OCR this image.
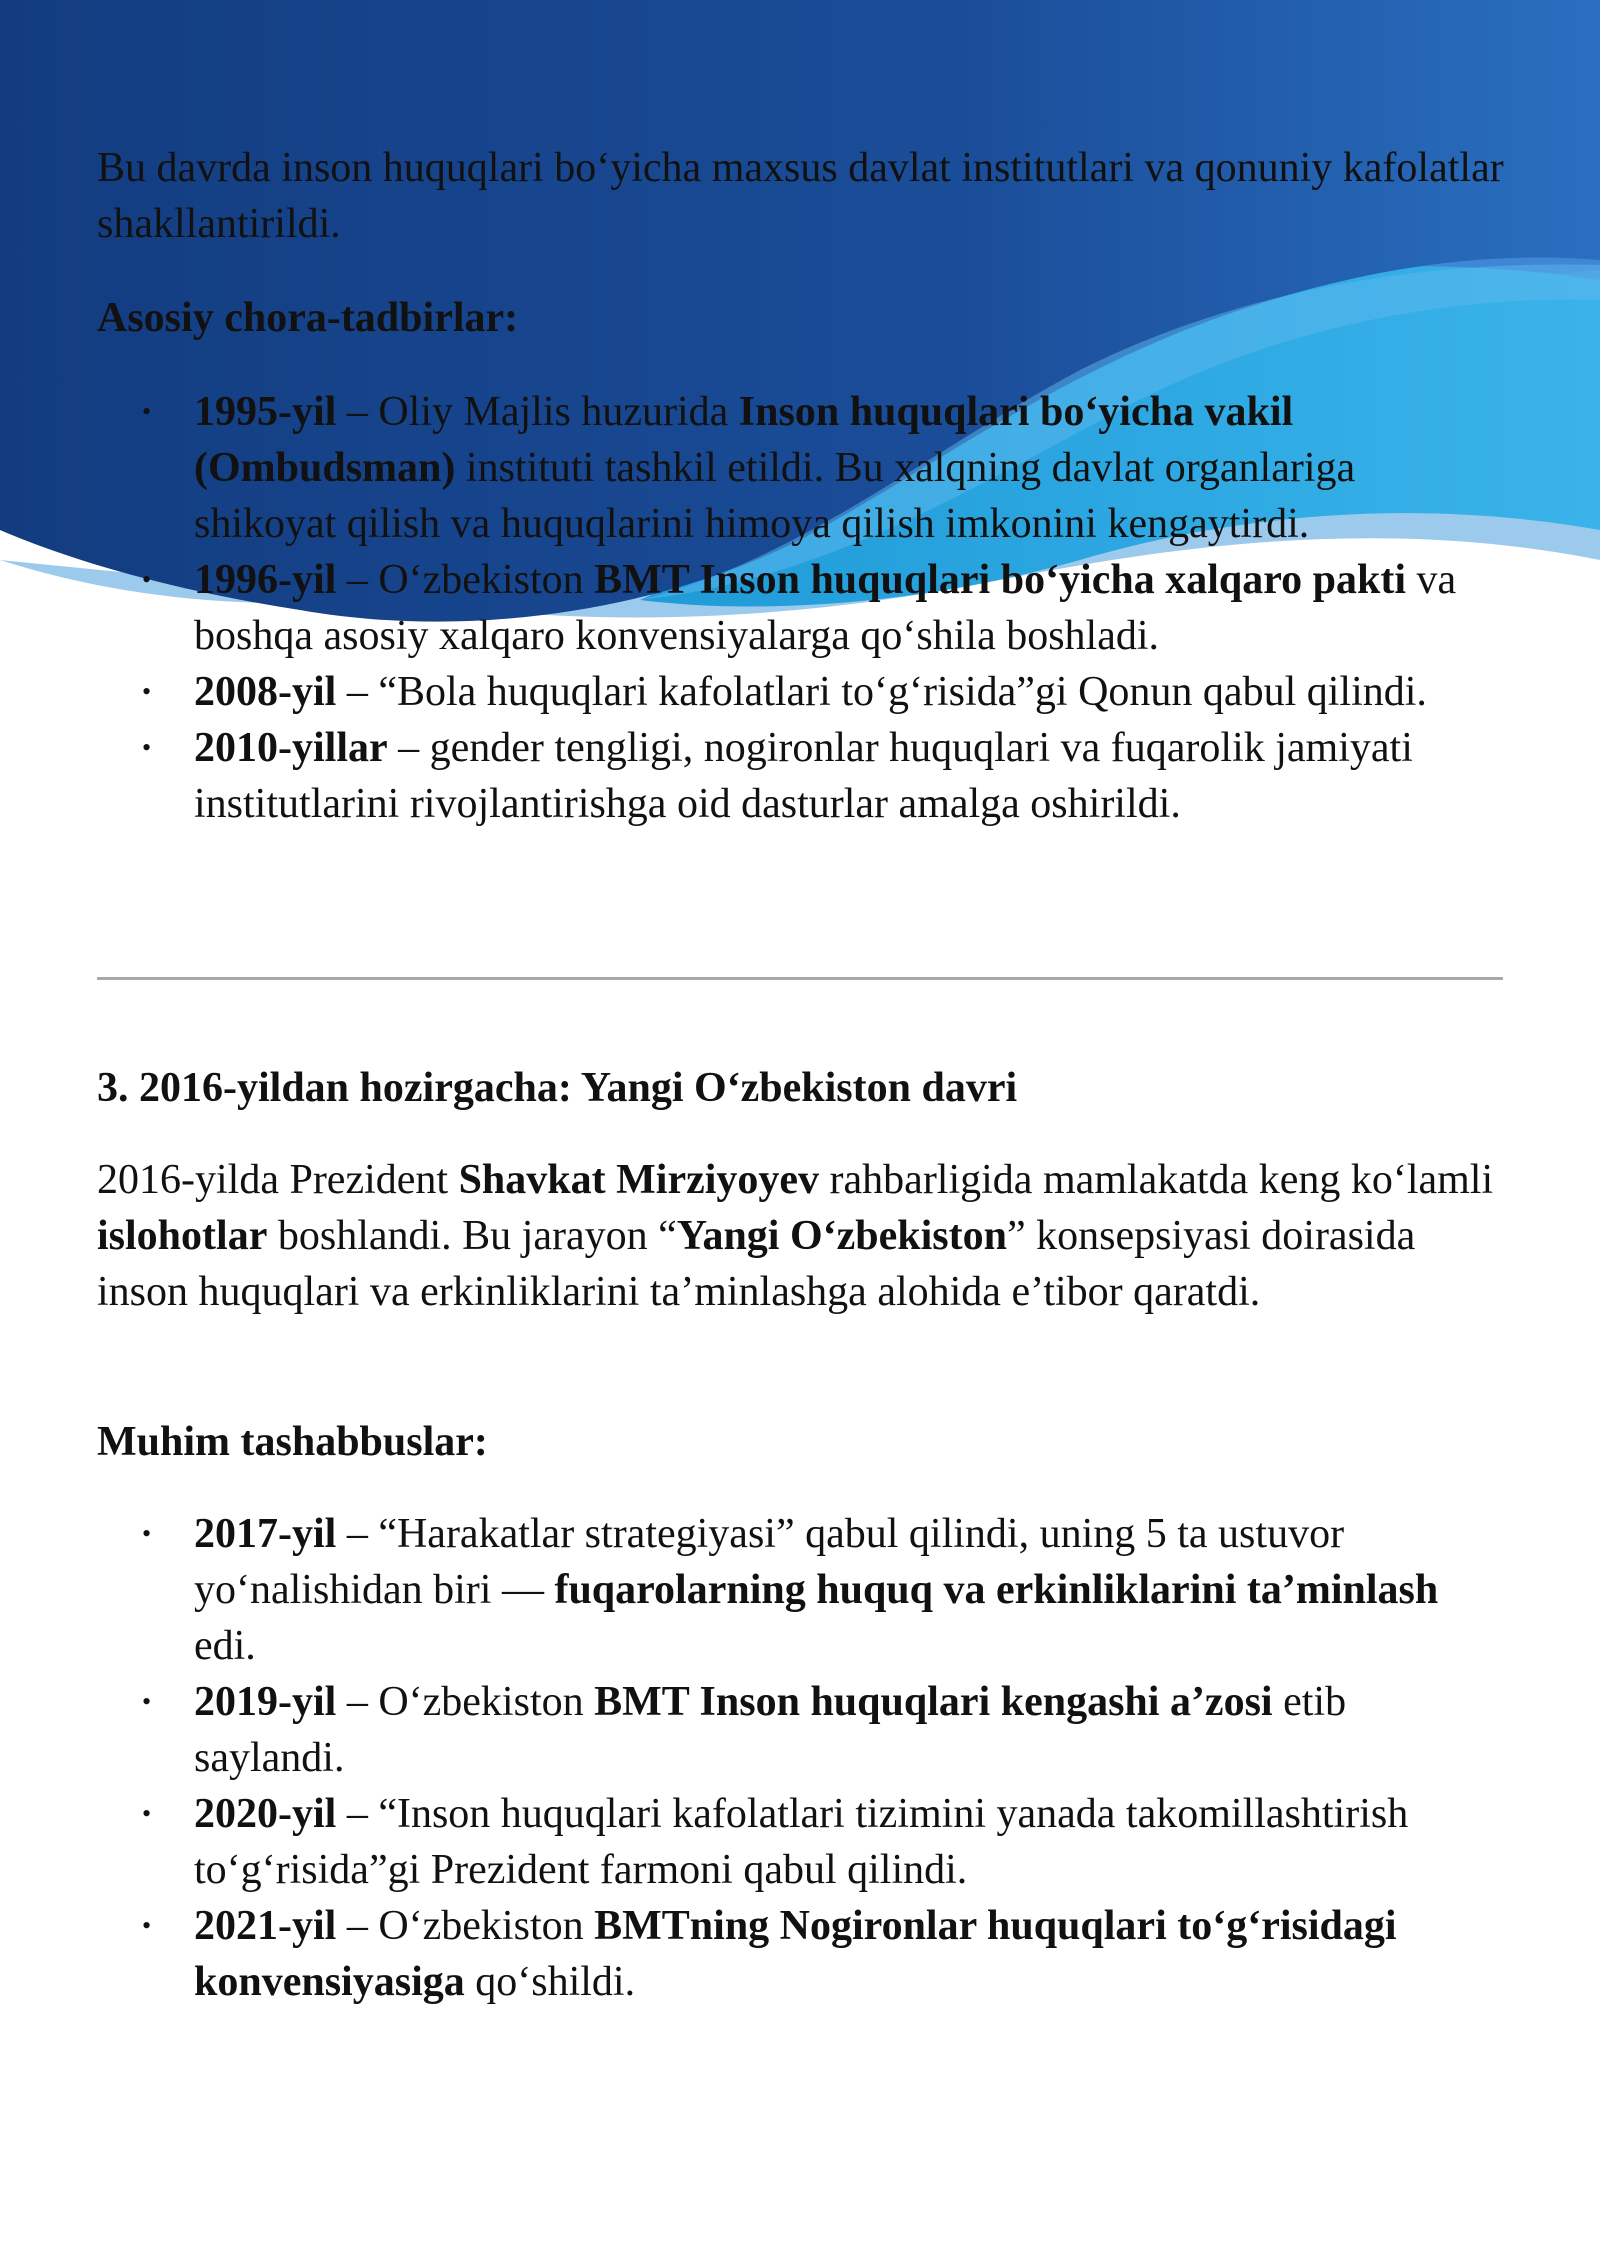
Bu davrda inson huquqlari bo‘yicha maxsus davlat institutlari va qonuniy kafolatlar shakllantirildi.

Asosiy chora-tadbirlar:

• 1995-yil – Oliy Majlis huzurida Inson huquqlari bo‘yicha vakil (Ombudsman) instituti tashkil etildi. Bu xalqning davlat organlariga shikoyat qilish va huquqlarini himoya qilish imkonini kengaytirdi.
• 1996-yil – O‘zbekiston BMT Inson huquqlari bo‘yicha xalqaro pakti va boshqa asosiy xalqaro konvensiyalarga qo‘shila boshladi.
• 2008-yil – “Bola huquqlari kafolatlari to‘g‘risida”gi Qonun qabul qilindi.
• 2010-yillar – gender tengligi, nogironlar huquqlari va fuqarolik jamiyati institutlarini rivojlantirishga oid dasturlar amalga oshirildi.

3. 2016-yildan hozirgacha: Yangi O‘zbekiston davri

2016-yilda Prezident Shavkat Mirziyoyev rahbarligida mamlakatda keng ko‘lamli islohotlar boshlandi. Bu jarayon “Yangi O‘zbekiston” konsepsiyasi doirasida inson huquqlari va erkinliklarini ta’minlashga alohida e’tibor qaratdi.

Muhim tashabbuslar:

• 2017-yil – “Harakatlar strategiyasi” qabul qilindi, uning 5 ta ustuvor yo‘nalishidan biri — fuqarolarning huquq va erkinliklarini ta’minlash edi.
• 2019-yil – O‘zbekiston BMT Inson huquqlari kengashi a’zosi etib saylandi.
• 2020-yil – “Inson huquqlari kafolatlari tizimini yanada takomillashtirish to‘g‘risida”gi Prezident farmoni qabul qilindi.
• 2021-yil – O‘zbekiston BMTning Nogironlar huquqlari to‘g‘risidagi konvensiyasiga qo‘shildi.
